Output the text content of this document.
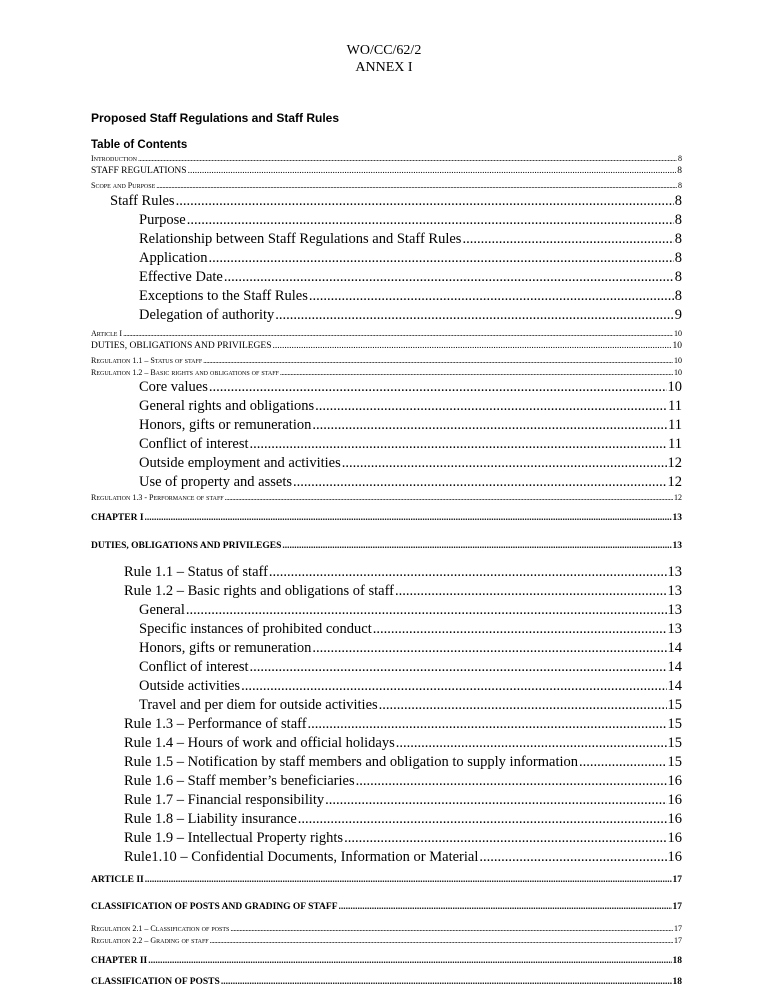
WO/CC/62/2
ANNEX I
Proposed Staff Regulations and Staff Rules
Table of Contents
Introduction .....	8
STAFF REGULATIONS .....	8
Scope and Purpose .....	8
Staff Rules .....	8
Purpose .....	8
Relationship between Staff Regulations and Staff Rules .....	8
Application .....	8
Effective Date .....	8
Exceptions to the Staff Rules .....	8
Delegation of authority .....	9
Article I .....	10
DUTIES, OBLIGATIONS AND PRIVILEGES .....	10
Regulation 1.1 – Status of staff .....	10
Regulation 1.2 – Basic rights and obligations of staff .....	10
Core values .....	10
General rights and obligations .....	11
Honors, gifts or remuneration .....	11
Conflict of interest .....	11
Outside employment and activities .....	12
Use of property and assets .....	12
Regulation 1.3 - Performance of staff .....	12
CHAPTER I .....	13
DUTIES, OBLIGATIONS AND PRIVILEGES .....	13
Rule 1.1 – Status of staff .....	13
Rule 1.2 – Basic rights and obligations of staff .....	13
General .....	13
Specific instances of prohibited conduct .....	13
Honors, gifts or remuneration .....	14
Conflict of interest .....	14
Outside activities .....	14
Travel and per diem for outside activities .....	15
Rule 1.3 – Performance of staff .....	15
Rule 1.4 – Hours of work and official holidays .....	15
Rule 1.5 – Notification by staff members and obligation to supply information .....	15
Rule 1.6 – Staff member’s beneficiaries .....	16
Rule 1.7 – Financial responsibility .....	16
Rule 1.8 – Liability insurance .....	16
Rule 1.9 – Intellectual Property rights .....	16
Rule1.10 – Confidential Documents, Information or Material .....	16
ARTICLE II .....	17
CLASSIFICATION OF POSTS AND GRADING OF STAFF .....	17
Regulation 2.1 – Classification of posts .....	17
Regulation 2.2 – Grading of staff .....	17
CHAPTER II .....	18
CLASSIFICATION OF POSTS .....	18
